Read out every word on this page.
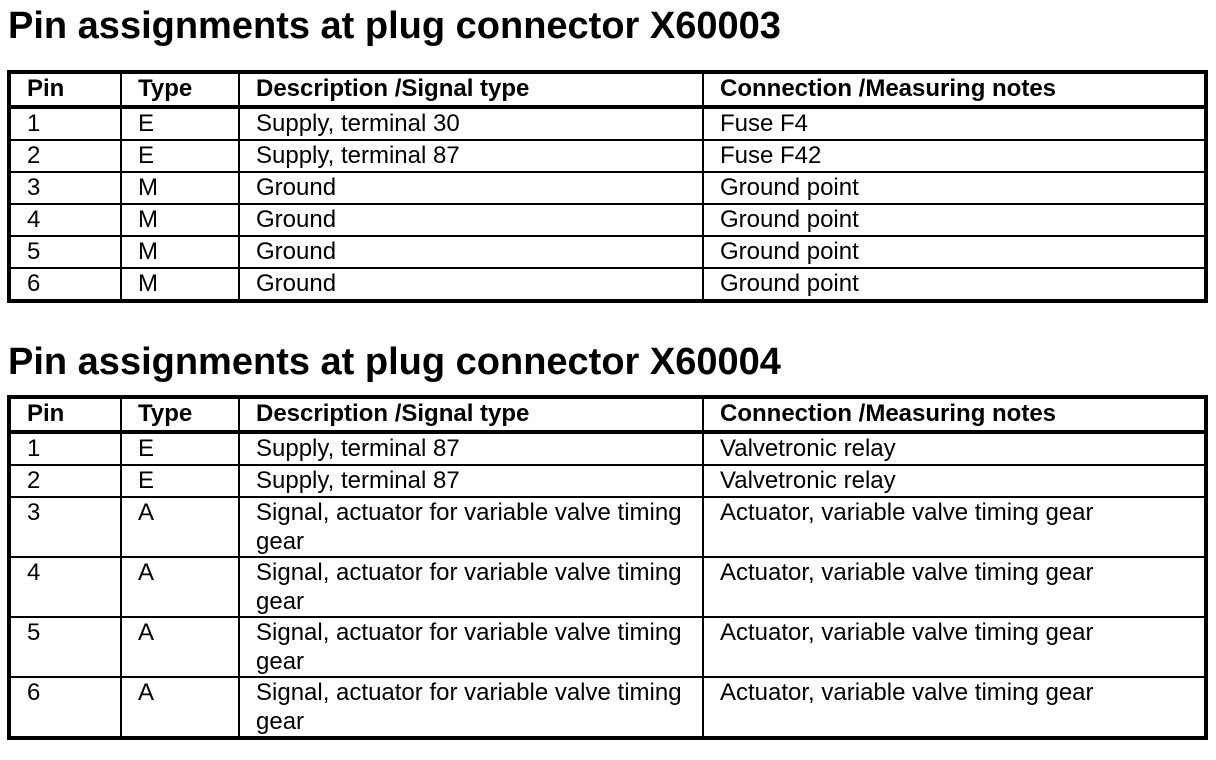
Pin assignments at plug connector X60003
Pin	Type	Description /Signal type	Connection /Measuring notes
1	E	Supply, terminal 30	Fuse F4
2	E	Supply, terminal 87	Fuse F42
3	M	Ground	Ground point
4	M	Ground	Ground point
5	M	Ground	Ground point
6	M	Ground	Ground point
Pin assignments at plug connector X60004
Pin	Type	Description /Signal type	Connection /Measuring notes
1	E	Supply, terminal 87	Valvetronic relay
2	E	Supply, terminal 87	Valvetronic relay
3	A	Signal, actuator for variable valve timing gear	Actuator, variable valve timing gear
4	A	Signal, actuator for variable valve timing gear	Actuator, variable valve timing gear
5	A	Signal, actuator for variable valve timing gear	Actuator, variable valve timing gear
6	A	Signal, actuator for variable valve timing gear	Actuator, variable valve timing gear
